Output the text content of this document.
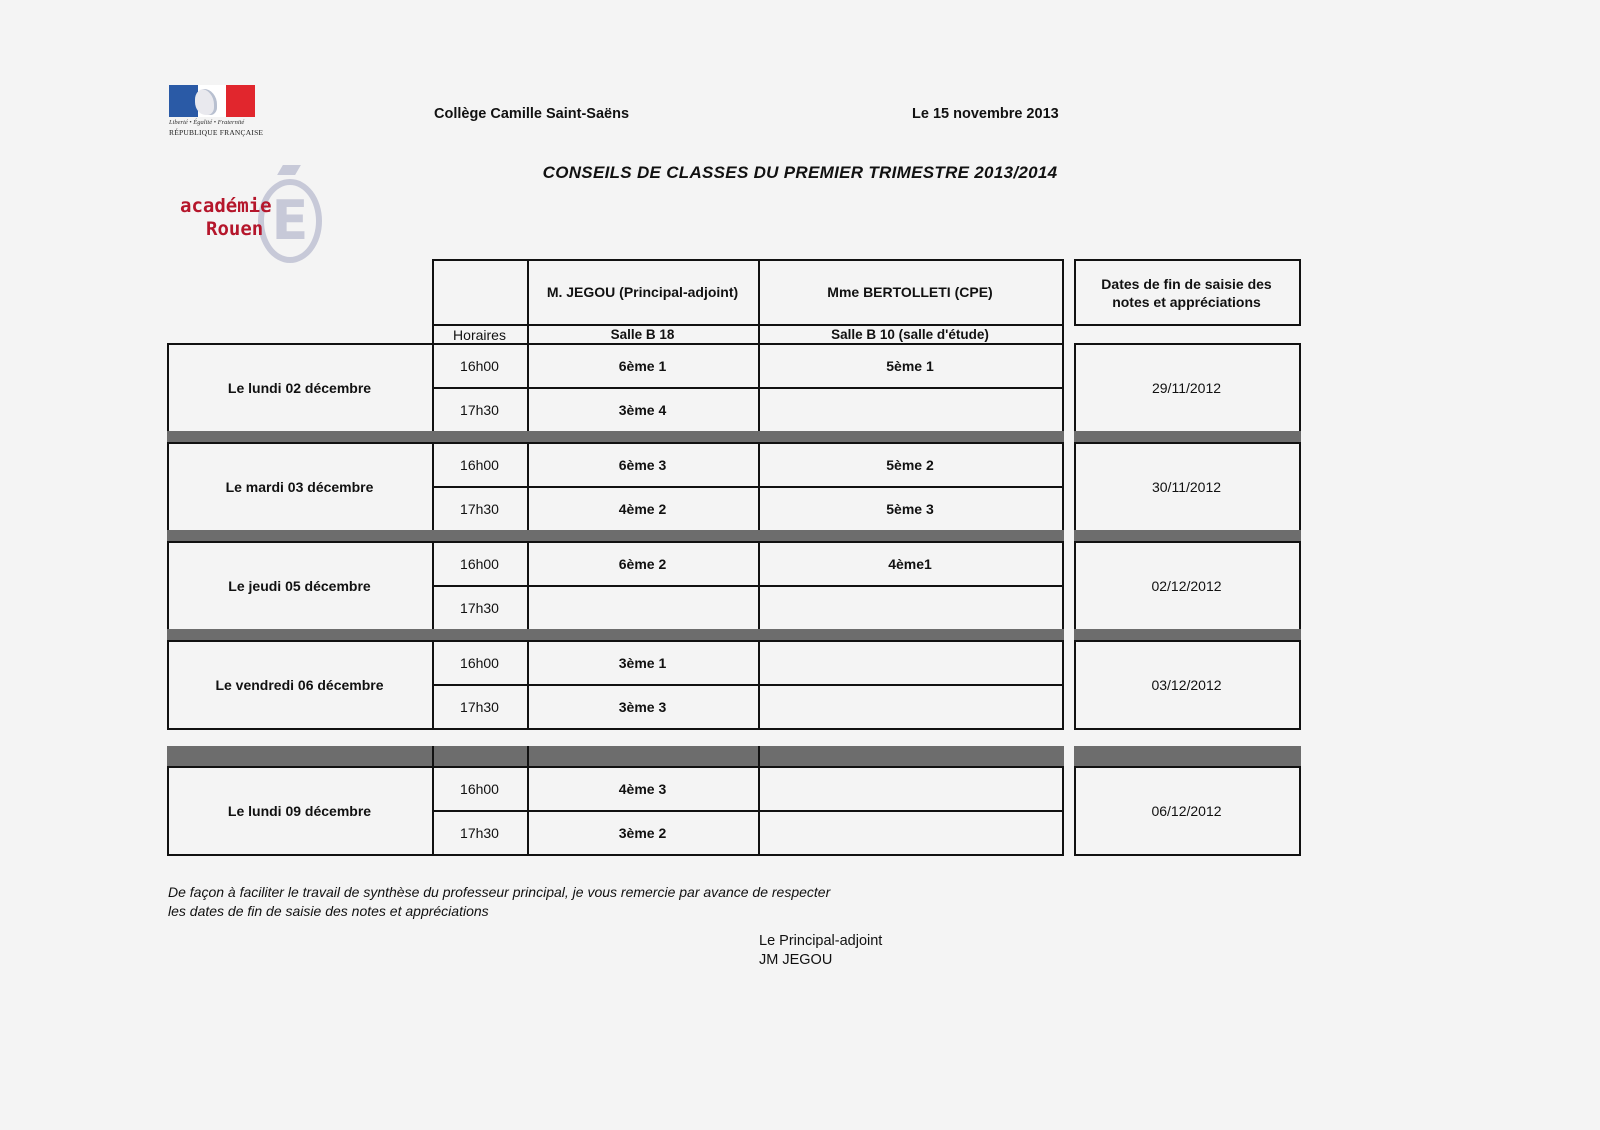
Liberté • Égalité • Fraternité
RÉPUBLIQUE FRANÇAISE
E
académie
Rouen
Collège Camille Saint-Saëns	Le 15 novembre 2013
CONSEILS DE CLASSES DU PREMIER TRIMESTRE 2013/2014
Horaires
M. JEGOU (Principal-adjoint)	Mme BERTOLLETI (CPE)
Salle B 18	Salle B 10 (salle d'étude)
Dates de fin de saisie des
notes et appréciations
Le lundi 02 décembre	29/11/2012
16h00	6ème 1	5ème 1
17h30	3ème 4
Le mardi 03 décembre	30/11/2012
16h00	6ème 3	5ème 2
17h30	4ème 2	5ème 3
Le jeudi 05 décembre	02/12/2012
16h00	6ème 2	4ème1
17h30
Le vendredi 06 décembre	03/12/2012
16h00	3ème 1
17h30	3ème 3
Le lundi 09 décembre	06/12/2012
16h00	4ème 3
17h30	3ème 2
De façon à faciliter le travail de synthèse du professeur principal, je vous remercie par avance de respecter
les dates de fin de saisie des notes et appréciations
Le Principal-adjoint
JM JEGOU
